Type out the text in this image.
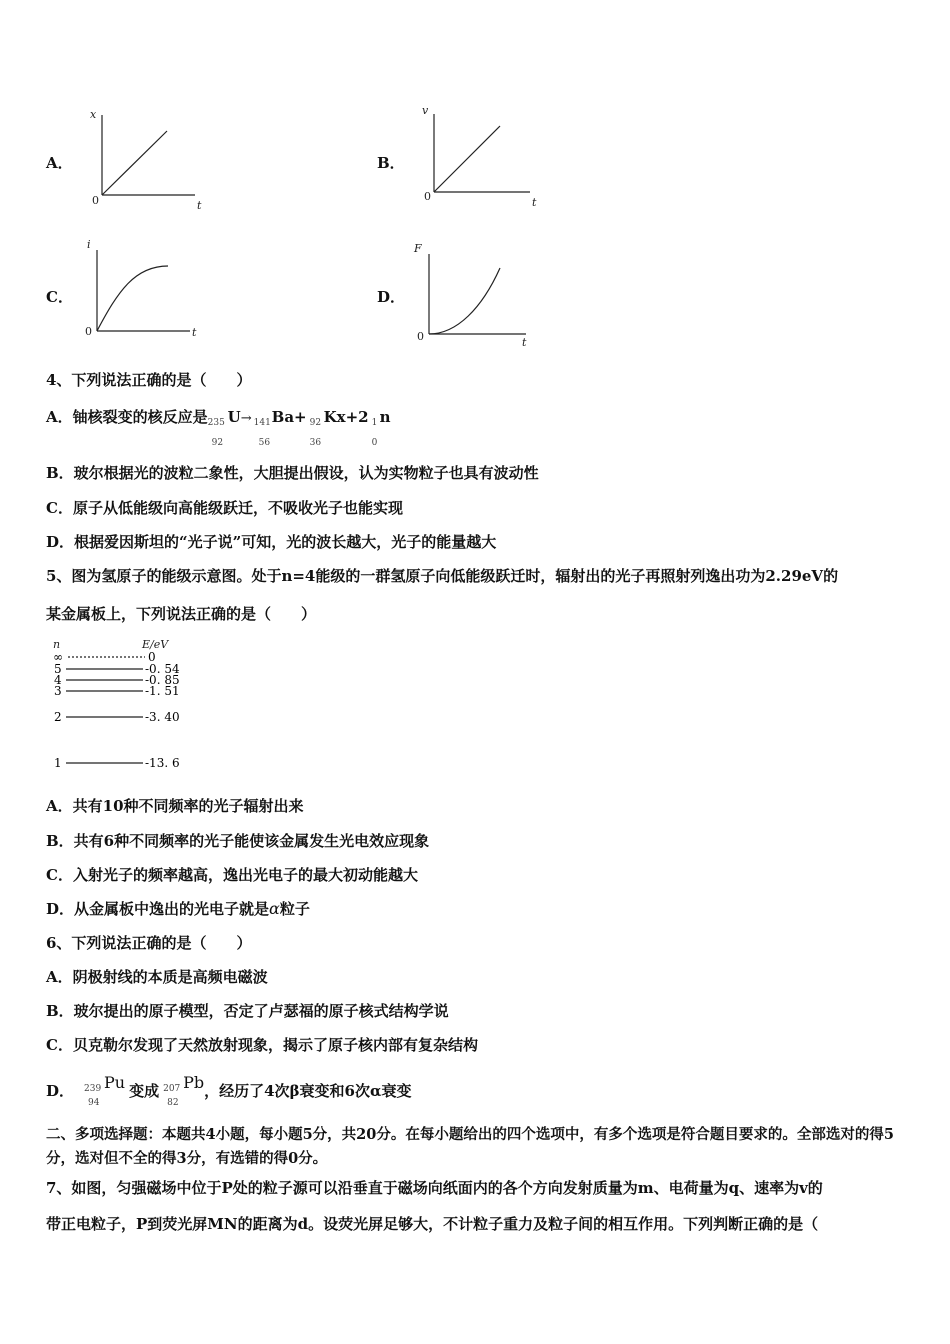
A．
x
0	t
B．
v
0	t
C．
i
0	t
D．
F
0	t
4、下列说法正确的是（　　）
A．铀核裂变的核反应是 235
92
U→ 141
56
Ba+ 92
36
Kx+2 1
0
n
B．玻尔根据光的波粒二象性，大胆提出假设，认为实物粒子也具有波动性
C．原子从低能级向高能级跃迁，不吸收光子也能实现
D．根据爱因斯坦的“光子说”可知，光的波长越大，光子的能量越大
5、图为氢原子的能级示意图。处于n=4能级的一群氢原子向低能级跃迁时，辐射出的光子再照射列逸出功为2.29eV的
某金属板上，下列说法正确的是（　　）
n	E/eV
∞	0
5	-0. 54
4	-0. 85
3	-1. 51
2	-3. 40
1	-13. 6
A．共有10种不同频率的光子辐射出来
B．共有6种不同频率的光子能使该金属发生光电效应现象
C．入射光子的频率越高，逸出光电子的最大初动能越大
D．从金属板中逸出的光电子就是α粒子
6、下列说法正确的是（　　）
A．阴极射线的本质是高频电磁波
B．玻尔提出的原子模型，否定了卢瑟福的原子核式结构学说
C．贝克勒尔发现了天然放射现象，揭示了原子核内部有复杂结构
D． 239
94
Pu 变成 207
82
Pb，经历了4次β衰变和6次α衰变
二、多项选择题：本题共4小题，每小题5分，共20分。在每小题给出的四个选项中，有多个选项是符合题目要求的。全部选对的得5分，选对但不全的得3分，有选错的得0分。
7、如图，匀强磁场中位于P处的粒子源可以沿垂直于磁场向纸面内的各个方向发射质量为m、电荷量为q、速率为v的
带正电粒子，P到荧光屏MN的距离为d。设荧光屏足够大，不计粒子重力及粒子间的相互作用。下列判断正确的是（
